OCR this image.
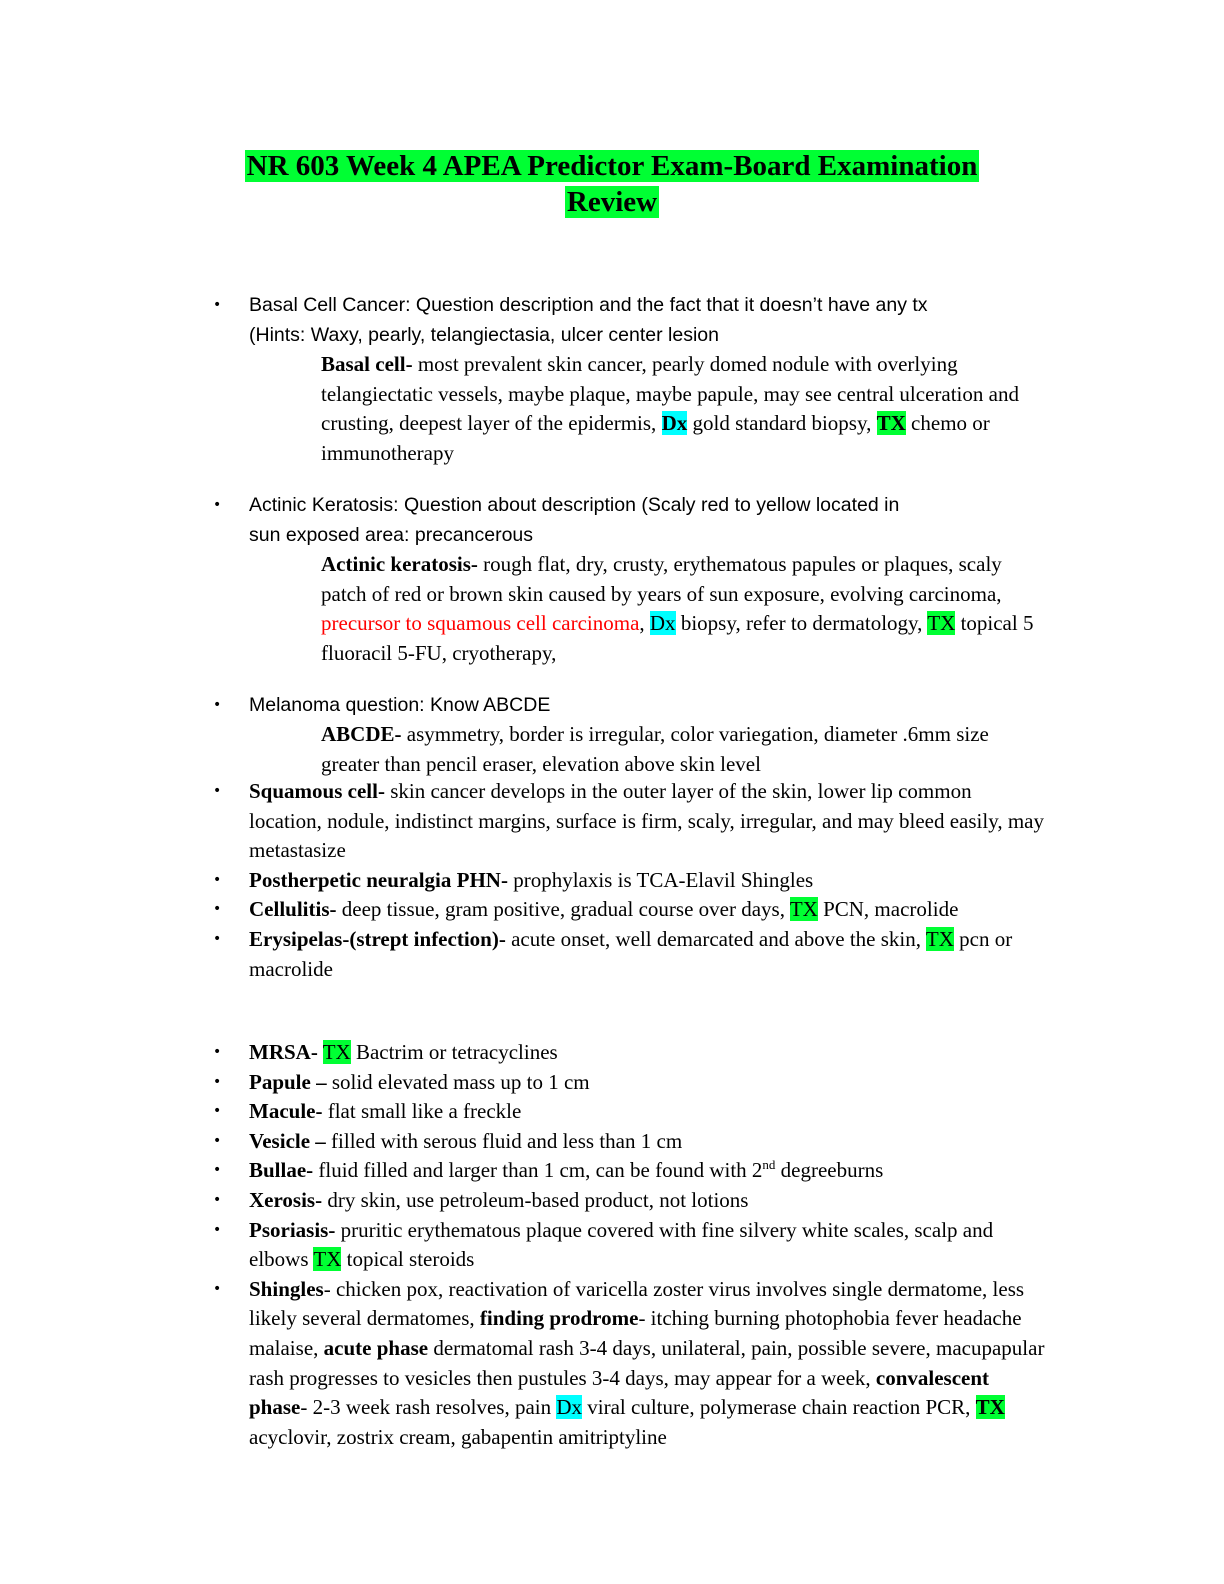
NR 603 Week 4 APEA Predictor Exam-Board Examination
Review
• Basal Cell Cancer: Question description and the fact that it doesn’t have any tx
(Hints: Waxy, pearly, telangiectasia, ulcer center lesion
Basal cell- most prevalent skin cancer, pearly domed nodule with overlying telangiectatic vessels, maybe plaque, maybe papule, may see central ulceration and crusting, deepest layer of the epidermis, Dx gold standard biopsy, TX chemo or immunotherapy
• Actinic Keratosis: Question about description (Scaly red to yellow located in
sun exposed area: precancerous
Actinic keratosis- rough flat, dry, crusty, erythematous papules or plaques, scaly patch of red or brown skin caused by years of sun exposure, evolving carcinoma, precursor to squamous cell carcinoma, Dx biopsy, refer to dermatology, TX topical 5 fluoracil 5-FU, cryotherapy,
• Melanoma question: Know ABCDE
ABCDE- asymmetry, border is irregular, color variegation, diameter .6mm size greater than pencil eraser, elevation above skin level
• Squamous cell- skin cancer develops in the outer layer of the skin, lower lip common location, nodule, indistinct margins, surface is firm, scaly, irregular, and may bleed easily, may metastasize
• Postherpetic neuralgia PHN- prophylaxis is TCA-Elavil Shingles
• Cellulitis- deep tissue, gram positive, gradual course over days, TX PCN, macrolide
• Erysipelas-(strept infection)- acute onset, well demarcated and above the skin, TX pcn or macrolide
• MRSA- TX Bactrim or tetracyclines
• Papule – solid elevated mass up to 1 cm
• Macule- flat small like a freckle
• Vesicle – filled with serous fluid and less than 1 cm
• Bullae- fluid filled and larger than 1 cm, can be found with 2nd degreeburns
• Xerosis- dry skin, use petroleum-based product, not lotions
• Psoriasis- pruritic erythematous plaque covered with fine silvery white scales, scalp and elbows TX topical steroids
• Shingles- chicken pox, reactivation of varicella zoster virus involves single dermatome, less likely several dermatomes, finding prodrome- itching burning photophobia fever headache malaise, acute phase dermatomal rash 3-4 days, unilateral, pain, possible severe, macupapular rash progresses to vesicles then pustules 3-4 days, may appear for a week, convalescent phase- 2-3 week rash resolves, pain Dx viral culture, polymerase chain reaction PCR, TX acyclovir, zostrix cream, gabapentin amitriptyline
